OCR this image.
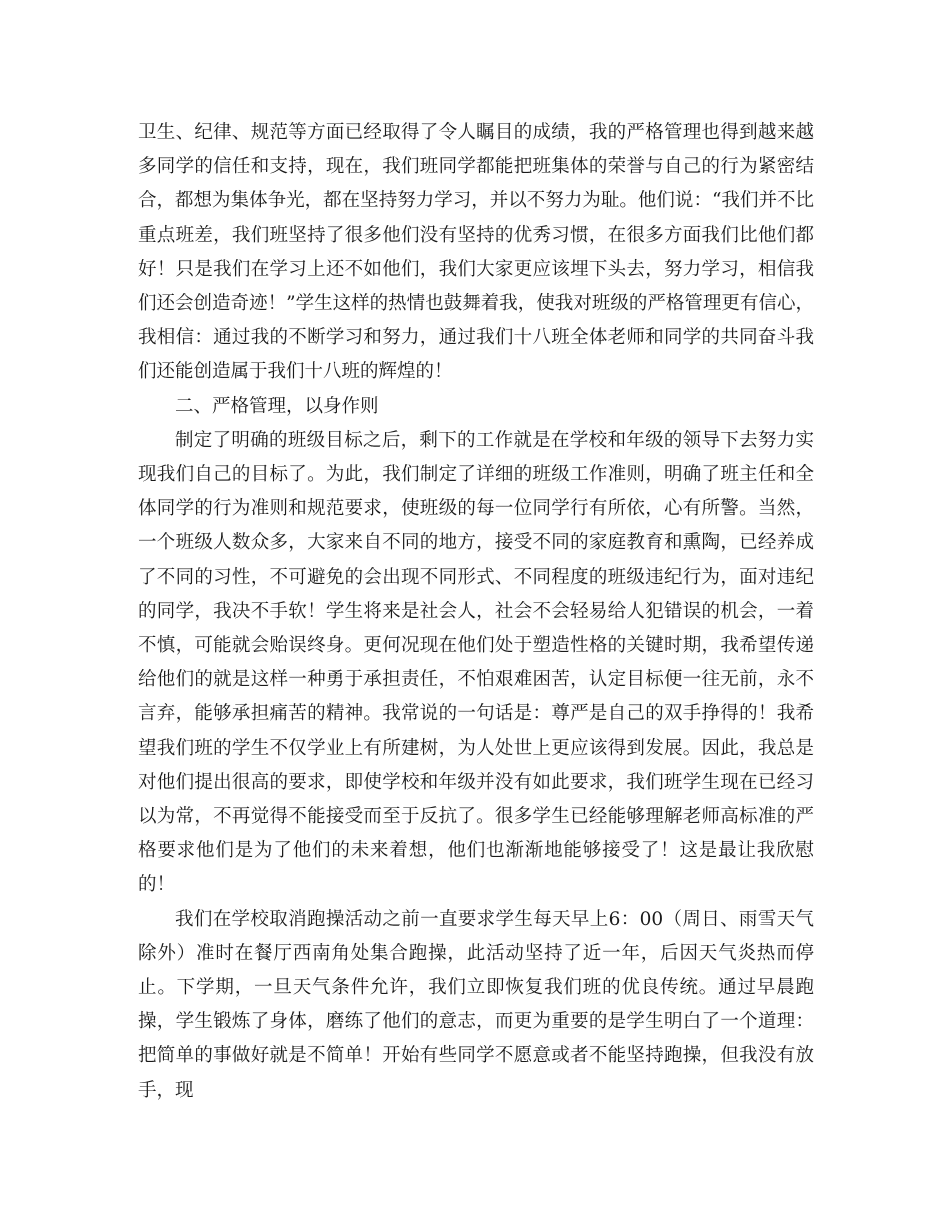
卫生、纪律、规范等方面已经取得了令人瞩目的成绩，我的严格管理也得到越来越多同学的信任和支持，现在，我们班同学都能把班集体的荣誉与自己的行为紧密结合，都想为集体争光，都在坚持努力学习，并以不努力为耻。他们说：“我们并不比重点班差，我们班坚持了很多他们没有坚持的优秀习惯，在很多方面我们比他们都好！只是我们在学习上还不如他们，我们大家更应该埋下头去，努力学习，相信我们还会创造奇迹！”学生这样的热情也鼓舞着我，使我对班级的严格管理更有信心，我相信：通过我的不断学习和努力，通过我们十八班全体老师和同学的共同奋斗我们还能创造属于我们十八班的辉煌的！

二、严格管理，以身作则

制定了明确的班级目标之后，剩下的工作就是在学校和年级的领导下去努力实现我们自己的目标了。为此，我们制定了详细的班级工作准则，明确了班主任和全体同学的行为准则和规范要求，使班级的每一位同学行有所依，心有所警。当然，一个班级人数众多，大家来自不同的地方，接受不同的家庭教育和熏陶，已经养成了不同的习性，不可避免的会出现不同形式、不同程度的班级违纪行为，面对违纪的同学，我决不手软！学生将来是社会人，社会不会轻易给人犯错误的机会，一着不慎，可能就会贻误终身。更何况现在他们处于塑造性格的关键时期，我希望传递给他们的就是这样一种勇于承担责任，不怕艰难困苦，认定目标便一往无前，永不言弃，能够承担痛苦的精神。我常说的一句话是：尊严是自己的双手挣得的！我希望我们班的学生不仅学业上有所建树，为人处世上更应该得到发展。因此，我总是对他们提出很高的要求，即使学校和年级并没有如此要求，我们班学生现在已经习以为常，不再觉得不能接受而至于反抗了。很多学生已经能够理解老师高标准的严格要求他们是为了他们的未来着想，他们也渐渐地能够接受了！这是最让我欣慰的！

我们在学校取消跑操活动之前一直要求学生每天早上6：00（周日、雨雪天气除外）准时在餐厅西南角处集合跑操，此活动坚持了近一年，后因天气炎热而停止。下学期，一旦天气条件允许，我们立即恢复我们班的优良传统。通过早晨跑操，学生锻炼了身体，磨练了他们的意志，而更为重要的是学生明白了一个道理：把简单的事做好就是不简单！开始有些同学不愿意或者不能坚持跑操，但我没有放手，现
